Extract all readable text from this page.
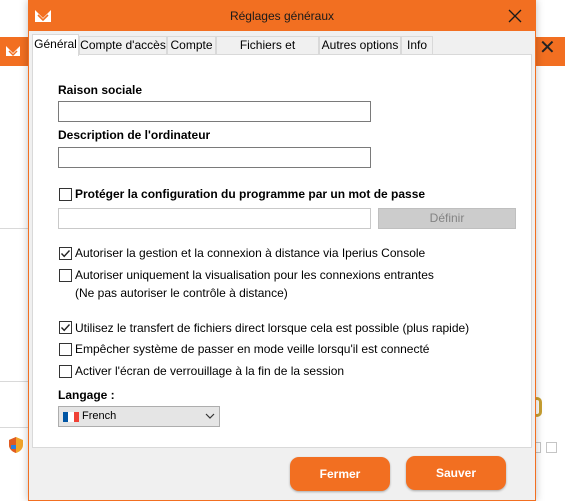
✕
Réglages généraux
Général Compte d'accès Compte	Fichiers et	Autres options Info
Raison sociale
Description de l'ordinateur
Protéger la configuration du programme par un mot de passe
Définir
Autoriser la gestion et la connexion à distance via Iperius Console
Autoriser uniquement la visualisation pour les connexions entrantes
(Ne pas autoriser le contrôle à distance)
Utilisez le transfert de fichiers direct lorsque cela est possible (plus rapide)
Empêcher système de passer en mode veille lorsqu'il est connecté
Activer l'écran de verrouillage à la fin de la session
Langage :
French
Fermer	Sauver
